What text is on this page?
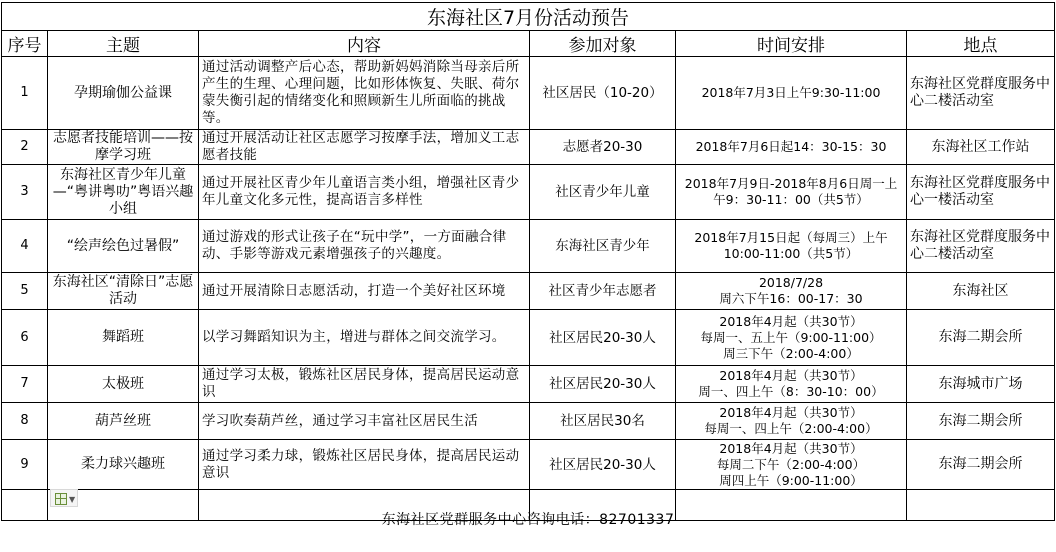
东海社区7月份活动预告					
序号	主题	内容	参加对象	时间安排	地点
1	孕期瑜伽公益课	通过活动调整产后心态，帮助新妈妈消除当母亲后所产生的生理、心理问题，比如形体恢复、失眠、荷尔蒙失衡引起的情绪变化和照顾新生儿所面临的挑战等。	社区居民（10-20）	2018年7月3日上午9:30-11:00	东海社区党群度服务中心二楼活动室
2	志愿者技能培训——按摩学习班	通过开展活动让社区志愿学习按摩手法，增加义工志愿者技能	志愿者20-30	2018年7月6日起14：30-15：30	东海社区工作站
3	东海社区青少年儿童—“粤讲粤叻”粤语兴趣小组	通过开展社区青少年儿童语言类小组，增强社区青少年儿童文化多元性，提高语言多样性	社区青少年儿童	2018年7月9日-2018年8月6日周一上午9：30-11：00（共5节）	东海社区党群度服务中心一楼活动室
4	“绘声绘色过暑假”	通过游戏的形式让孩子在“玩中学”，一方面融合律动、手影等游戏元素增强孩子的兴趣度。	东海社区青少年	2018年7月15日起（每周三）上午10:00-11:00（共5节）	东海社区党群度服务中心二楼活动室
5	东海社区“清除日”志愿活动	通过开展清除日志愿活动，打造一个美好社区环境	社区青少年志愿者	2018/7/28
周六下午16：00-17：30	东海社区
6	舞蹈班	以学习舞蹈知识为主，增进与群体之间交流学习。	社区居民20-30人	2018年4月起（共30节）
每周一、五上午（9:00-11:00）
周三下午（2:00-4:00）	东海二期会所
7	太极班	通过学习太极，锻炼社区居民身体，提高居民运动意识	社区居民20-30人	2018年4月起（共30节）
周一、四上午（8：30-10：00）	东海城市广场
8	葫芦丝班	学习吹奏葫芦丝，通过学习丰富社区居民生活	社区居民30名	2018年4月起（共30节）
每周一、四上午（2:00-4:00）	东海二期会所
9	柔力球兴趣班	通过学习柔力球，锻炼社区居民身体，提高居民运动意识	社区居民20-30人	2018年4月起（共30节）
每周二下午（2:00-4:00）
周四上午（9:00-11:00）	东海二期会所

▼
东海社区党群服务中心咨询电话：82701337
